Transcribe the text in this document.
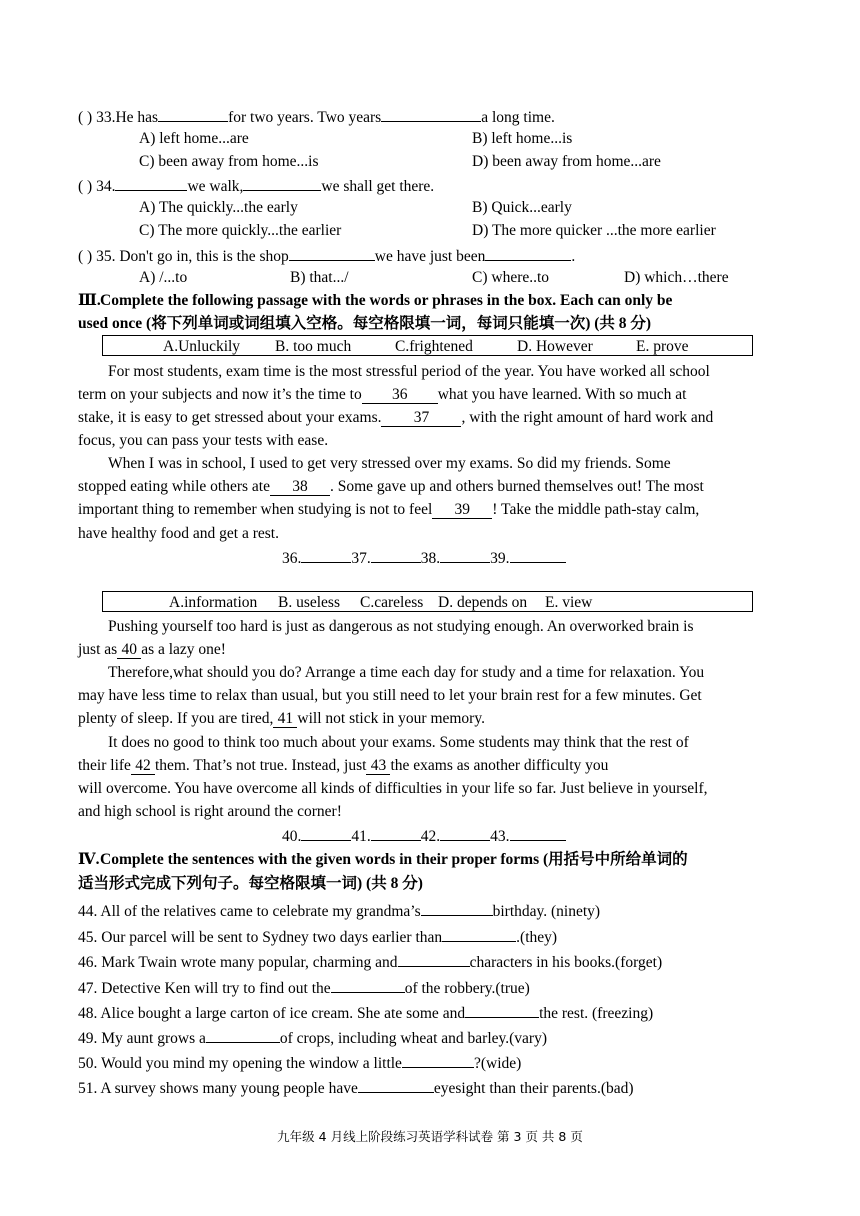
( ) 33.He has	for two years. Two years	a long time.
A) left home...are	B) left home...is
C) been away from home...is	D) been away from home...are
( ) 34.	we walk,	we shall get there.
A) The quickly...the early	B) Quick...early
C) The more quickly...the earlier	D) The more quicker ...the more earlier
( ) 35. Don't go in, this is the shop	we have just been	.
A) /...to	B) that.../	C) where..to	D) which…there
Ⅲ.Complete the following passage with the words or phrases in the box. Each can only be
used once (将下列单词或词组填入空格。每空格限填一词，每词只能填一次) (共 8 分)
A.Unluckily B. too much	C.frightened	D. However	E. prove
For most students, exam time is the most stressful period of the year. You have worked all school
term on your subjects and now it’s the time to 36 what you have learned. With so much at
stake, it is easy to get stressed about your exams. 37 , with the right amount of hard work and
focus, you can pass your tests with ease.
When I was in school, I used to get very stressed over my exams. So did my friends. Some
stopped eating while others ate 38 . Some gave up and others burned themselves out! The most
important thing to remember when studying is not to feel 39 ! Take the middle path-stay calm,
have healthy food and get a rest.
36.	37.	38.	39.
A.information B. useless C.careless D. depends on E. view
Pushing yourself too hard is just as dangerous as not studying enough. An overworked brain is
just as 40 as a lazy one!
Therefore,what should you do? Arrange a time each day for study and a time for relaxation. You
may have less time to relax than usual, but you still need to let your brain rest for a few minutes. Get
plenty of sleep. If you are tired, 41 will not stick in your memory.
It does no good to think too much about your exams. Some students may think that the rest of
their life 42 them. That’s not true. Instead, just 43 the exams as another difficulty you
will overcome. You have overcome all kinds of difficulties in your life so far. Just believe in yourself,
and high school is right around the corner!
40.	41.	42.	43.
Ⅳ.Complete the sentences with the given words in their proper forms (用括号中所给单词的
适当形式完成下列句子。每空格限填一词) (共 8 分)
44. All of the relatives came to celebrate my grandma’s	birthday. (ninety)
45. Our parcel will be sent to Sydney two days earlier than	.(they)
46. Mark Twain wrote many popular, charming and	characters in his books.(forget)
47. Detective Ken will try to find out the	of the robbery.(true)
48. Alice bought a large carton of ice cream. She ate some and	the rest. (freezing)
49. My aunt grows a	of crops, including wheat and barley.(vary)
50. Would you mind my opening the window a little	?(wide)
51. A survey shows many young people have	eyesight than their parents.(bad)
九年级 4 月线上阶段练习英语学科试卷 第 3 页 共 8 页
